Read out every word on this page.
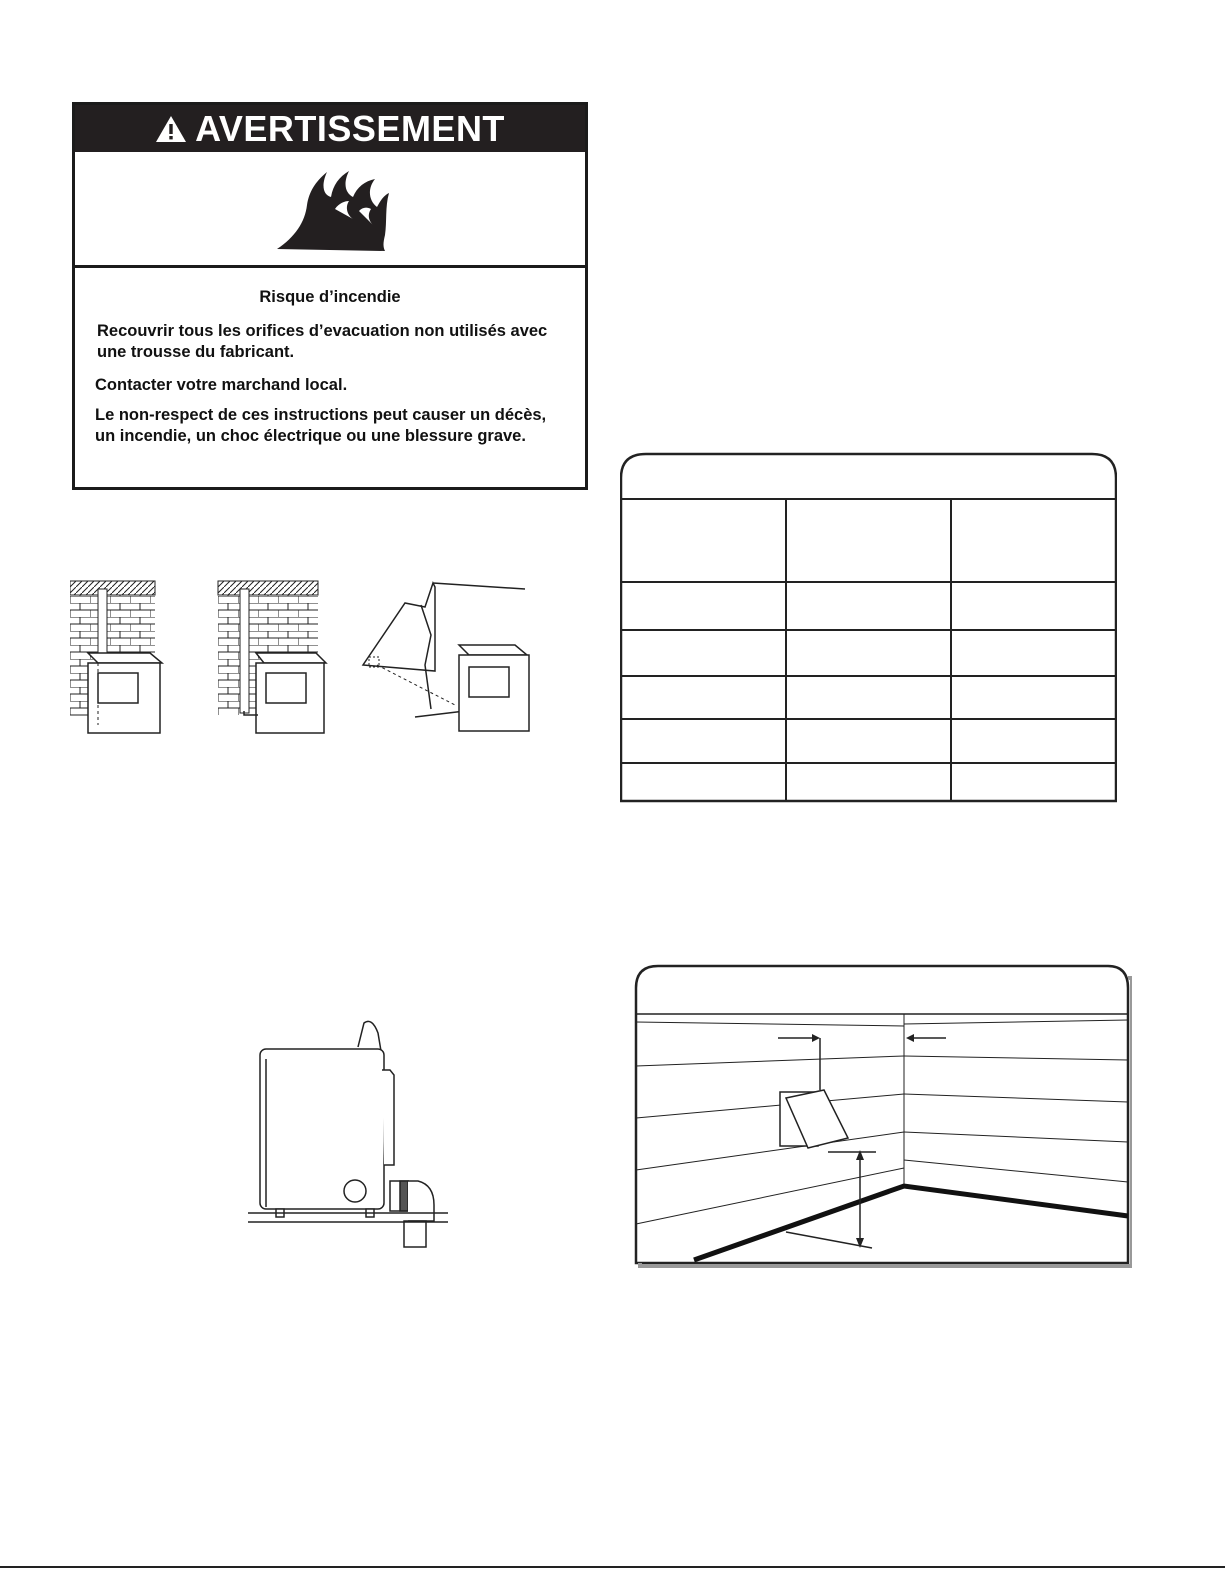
AVERTISSEMENT
Risque d’incendie
Recouvrir tous les orifices d’evacuation non utilisés avec une trousse du fabricant.
Contacter votre marchand local.
Le non-respect de ces instructions peut causer un décès, un incendie, un choc électrique ou une blessure grave.
